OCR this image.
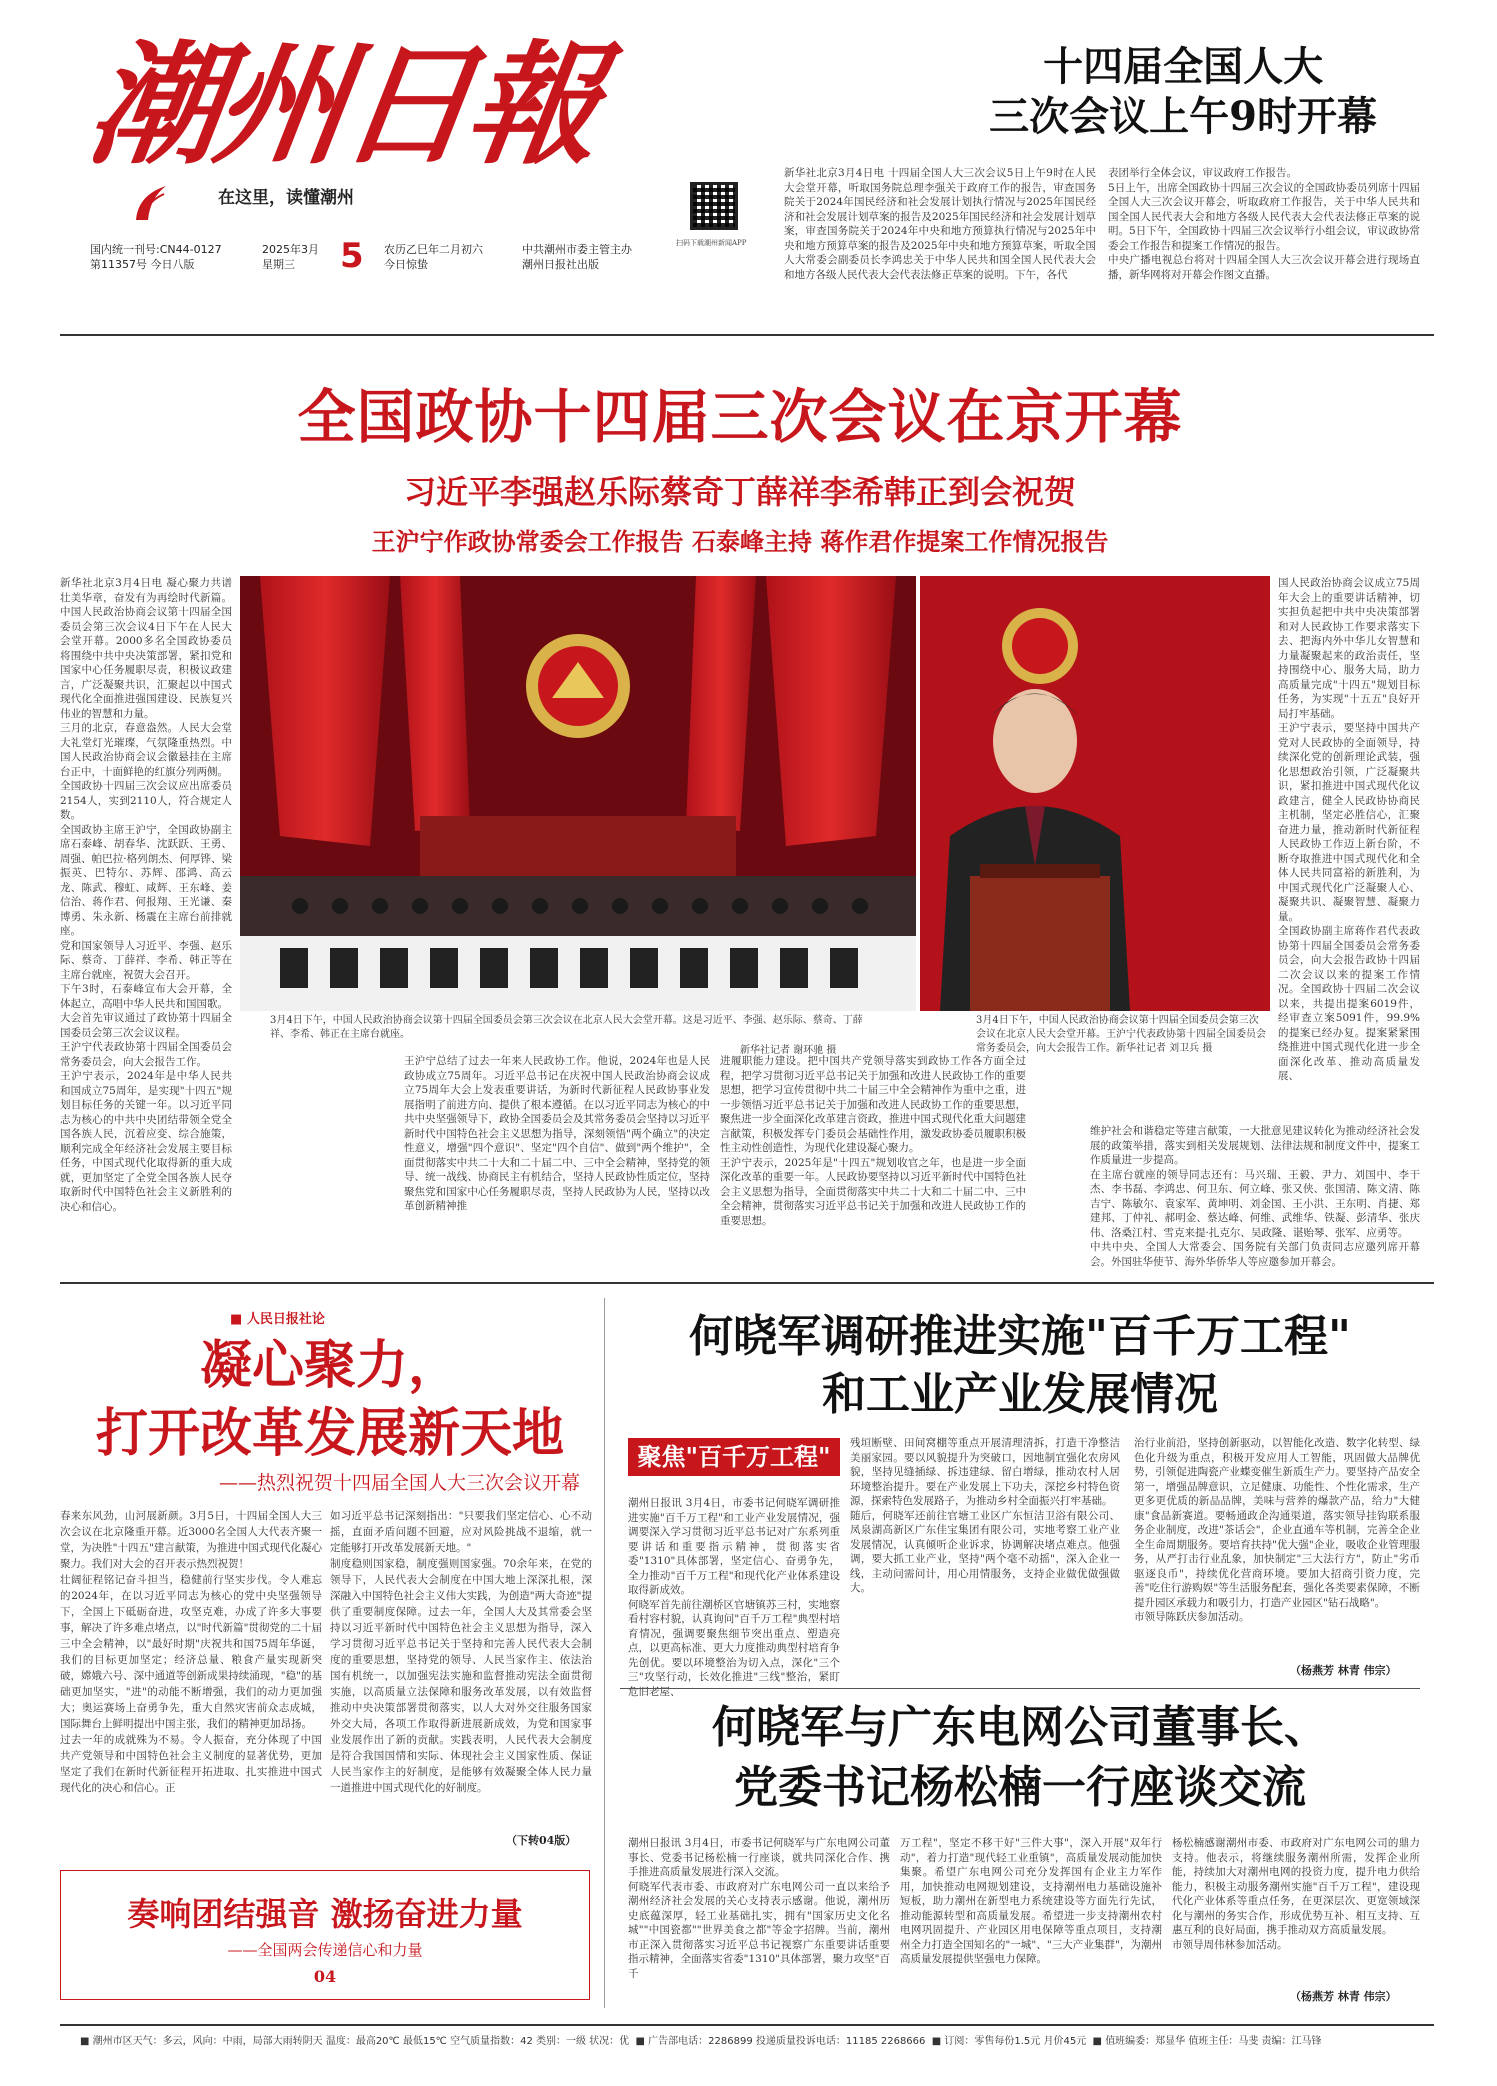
潮州日報
在这里，读懂潮州
扫码下载潮州新闻APP
国内统一刊号:CN44-0127
第11357号 今日八版
2025年3月
星期三	5 农历乙巳年二月初六
今日惊蛰
中共潮州市委主管主办
潮州日报社出版
十四届全国人大
三次会议上午9时开幕
新华社北京3月4日电 十四届全国人大三次会议5日上午9时在人民大会堂开幕，听取国务院总理李强关于政府工作的报告，审查国务院关于2024年国民经济和社会发展计划执行情况与2025年国民经济和社会发展计划草案的报告及2025年国民经济和社会发展计划草案，审查国务院关于2024年中央和地方预算执行情况与2025年中央和地方预算草案的报告及2025年中央和地方预算草案，听取全国人大常委会副委员长李鸿忠关于中华人民共和国全国人民代表大会和地方各级人民代表大会代表法修正草案的说明。下午，各代
表团举行全体会议，审议政府工作报告。
5日上午，出席全国政协十四届三次会议的全国政协委员列席十四届全国人大三次会议开幕会，听取政府工作报告，关于中华人民共和国全国人民代表大会和地方各级人民代表大会代表法修正草案的说明。5日下午，全国政协十四届三次会议举行小组会议，审议政协常委会工作报告和提案工作情况的报告。
中央广播电视总台将对十四届全国人大三次会议开幕会进行现场直播，新华网将对开幕会作图文直播。
全国政协十四届三次会议在京开幕
习近平李强赵乐际蔡奇丁薛祥李希韩正到会祝贺
王沪宁作政协常委会工作报告 石泰峰主持 蒋作君作提案工作情况报告
新华社北京3月4日电 凝心聚力共谱壮美华章，奋发有为再绘时代新篇。中国人民政治协商会议第十四届全国委员会第三次会议4日下午在人民大会堂开幕。2000多名全国政协委员将围绕中共中央决策部署，紧扣党和国家中心任务履职尽责，积极议政建言，广泛凝聚共识，汇聚起以中国式现代化全面推进强国建设、民族复兴伟业的智慧和力量。
三月的北京，春意盎然。人民大会堂大礼堂灯光璀璨，气氛隆重热烈。中国人民政治协商会议会徽悬挂在主席台正中，十面鲜艳的红旗分列两侧。
全国政协十四届三次会议应出席委员2154人，实到2110人，符合规定人数。
全国政协主席王沪宁，全国政协副主席石泰峰、胡春华、沈跃跃、王勇、周强、帕巴拉·格列朗杰、何厚铧、梁振英、巴特尔、苏辉、邵鸿、高云龙、陈武、穆虹、咸辉、王东峰、姜信治、蒋作君、何报翔、王光谦、秦博勇、朱永新、杨震在主席台前排就座。
党和国家领导人习近平、李强、赵乐际、蔡奇、丁薛祥、李希、韩正等在主席台就座，祝贺大会召开。
下午3时，石泰峰宣布大会开幕，全体起立，高唱中华人民共和国国歌。
大会首先审议通过了政协第十四届全国委员会第三次会议议程。
王沪宁代表政协第十四届全国委员会常务委员会，向大会报告工作。
王沪宁表示，2024年是中华人民共和国成立75周年，是实现"十四五"规划目标任务的关键一年。以习近平同志为核心的中共中央团结带领全党全国各族人民，沉着应变、综合施策，顺利完成全年经济社会发展主要目标任务，中国式现代化取得新的重大成就，更加坚定了全党全国各族人民夺取新时代中国特色社会主义新胜利的决心和信心。
3月4日下午，中国人民政治协商会议第十四届全国委员会第三次会议在北京人民大会堂开幕。这是习近平、李强、赵乐际、蔡奇、丁薛祥、李希、韩正在主席台就座。
新华社记者 谢环驰 摄
3月4日下午，中国人民政治协商会议第十四届全国委员会第三次会议在北京人民大会堂开幕。王沪宁代表政协第十四届全国委员会常务委员会，向大会报告工作。新华社记者 刘卫兵 摄
国人民政治协商会议成立75周年大会上的重要讲话精神，切实担负起把中共中央决策部署和对人民政协工作要求落实下去、把海内外中华儿女智慧和力量凝聚起来的政治责任，坚持围绕中心、服务大局，助力高质量完成"十四五"规划目标任务，为实现"十五五"良好开局打牢基础。
王沪宁表示，要坚持中国共产党对人民政协的全面领导，持续深化党的创新理论武装，强化思想政治引领，广泛凝聚共识，紧扣推进中国式现代化议政建言，健全人民政协协商民主机制，坚定必胜信心，汇聚奋进力量，推动新时代新征程人民政协工作迈上新台阶，不断夺取推进中国式现代化和全体人民共同富裕的新胜利，为中国式现代化广泛凝聚人心、凝聚共识、凝聚智慧、凝聚力量。
全国政协副主席蒋作君代表政协第十四届全国委员会常务委员会，向大会报告政协十四届二次会议以来的提案工作情况。全国政协十四届二次会议以来，共提出提案6019件，经审查立案5091件，99.9%的提案已经办复。提案紧紧围绕推进中国式现代化进一步全面深化改革、推动高质量发展、
王沪宁总结了过去一年来人民政协工作。他说，2024年也是人民政协成立75周年。习近平总书记在庆祝中国人民政治协商会议成立75周年大会上发表重要讲话，为新时代新征程人民政协事业发展指明了前进方向、提供了根本遵循。在以习近平同志为核心的中共中央坚强领导下，政协全国委员会及其常务委员会坚持以习近平新时代中国特色社会主义思想为指导，深刻领悟"两个确立"的决定性意义，增强"四个意识"、坚定"四个自信"、做到"两个维护"，全面贯彻落实中共二十大和二十届二中、三中全会精神，坚持党的领导、统一战线、协商民主有机结合，坚持人民政协性质定位，坚持聚焦党和国家中心任务履职尽责，坚持人民政协为人民，坚持以改革创新精神推
进履职能力建设。把中国共产党领导落实到政协工作各方面全过程，把学习贯彻习近平总书记关于加强和改进人民政协工作的重要思想，把学习宣传贯彻中共二十届三中全会精神作为重中之重，进一步领悟习近平总书记关于加强和改进人民政协工作的重要思想，聚焦进一步全面深化改革建言资政，推进中国式现代化重大问题建言献策，积极发挥专门委员会基础性作用，激发政协委员履职积极性主动性创造性，为现代化建设凝心聚力。
王沪宁表示，2025年是"十四五"规划收官之年，也是进一步全面深化改革的重要一年。人民政协要坚持以习近平新时代中国特色社会主义思想为指导，全面贯彻落实中共二十大和二十届二中、三中全会精神，贯彻落实习近平总书记关于加强和改进人民政协工作的重要思想。
维护社会和谐稳定等建言献策，一大批意见建议转化为推动经济社会发展的政策举措，落实到相关发展规划、法律法规和制度文件中，提案工作质量进一步提高。
在主席台就座的领导同志还有：马兴瑞、王毅、尹力、刘国中、李干杰、李书磊、李鸿忠、何卫东、何立峰、张又侠、张国清、陈文清、陈吉宁、陈敏尔、袁家军、黄坤明、刘金国、王小洪、王东明、肖捷、郑建邦、丁仲礼、郝明金、蔡达峰、何维、武维华、铁凝、彭清华、张庆伟、洛桑江村、雪克来提·扎克尔、吴政隆、谌贻琴、张军、应勇等。
中共中央、全国人大常委会、国务院有关部门负责同志应邀列席开幕会。外国驻华使节、海外华侨华人等应邀参加开幕会。
■ 人民日报社论
凝心聚力，
打开改革发展新天地
——热烈祝贺十四届全国人大三次会议开幕
春来东风劲，山河展新颜。3月5日，十四届全国人大三次会议在北京隆重开幕。近3000名全国人大代表齐聚一堂，为决胜"十四五"建言献策，为推进中国式现代化凝心聚力。我们对大会的召开表示热烈祝贺！
壮阔征程铭记奋斗担当，稳健前行坚实步伐。令人难忘的2024年，在以习近平同志为核心的党中央坚强领导下，全国上下砥砺奋进，攻坚克难，办成了许多大事要事，解决了许多难点堵点，以"时代新篇"贯彻党的二十届三中全会精神，以"最好时期"庆祝共和国75周年华诞，我们的目标更加坚定；经济总量、粮食产量实现新突破，嫦娥六号、深中通道等创新成果持续涌现，"稳"的基础更加坚实，"进"的动能不断增强，我们的动力更加强大；奥运赛场上奋勇争先，重大自然灾害前众志成城，国际舞台上鲜明提出中国主张，我们的精神更加昂扬。
过去一年的成就殊为不易。令人振奋，充分体现了中国共产党领导和中国特色社会主义制度的显著优势，更加坚定了我们在新时代新征程开拓进取、扎实推进中国式现代化的决心和信心。正
如习近平总书记深刻指出："只要我们坚定信心、心不动摇，直面矛盾问题不回避，应对风险挑战不退缩，就一定能够打开改革发展新天地。"
制度稳则国家稳，制度强则国家强。70余年来，在党的领导下，人民代表大会制度在中国大地上深深扎根，深深融入中国特色社会主义伟大实践，为创造"两大奇迹"提供了重要制度保障。过去一年，全国人大及其常委会坚持以习近平新时代中国特色社会主义思想为指导，深入学习贯彻习近平总书记关于坚持和完善人民代表大会制度的重要思想，坚持党的领导、人民当家作主、依法治国有机统一，以加强宪法实施和监督推动宪法全面贯彻实施，以高质量立法保障和服务改革发展，以有效监督推动中央决策部署贯彻落实，以人大对外交往服务国家外交大局，各项工作取得新进展新成效，为党和国家事业发展作出了新的贡献。实践表明，人民代表大会制度是符合我国国情和实际、体现社会主义国家性质、保证人民当家作主的好制度，是能够有效凝聚全体人民力量一道推进中国式现代化的好制度。
（下转04版）
奏响团结强音 激扬奋进力量
——全国两会传递信心和力量
04
何晓军调研推进实施"百千万工程"
和工业产业发展情况
聚焦"百千万工程"
潮州日报讯 3月4日，市委书记何晓军调研推进实施"百千万工程"和工业产业发展情况，强调要深入学习贯彻习近平总书记对广东系列重要讲话和重要指示精神，贯彻落实省委"1310"具体部署，坚定信心、奋勇争先，全力推动"百千万工程"和现代化产业体系建设取得新成效。
何晓军首先前往潮桥区官塘镇苏三村，实地察看村容村貌，认真询问"百千万工程"典型村培育情况，强调要聚焦细节突出重点、塑造亮点，以更高标准、更大力度推动典型村培育争先创优。要以环境整治为切入点，深化"三个三"攻坚行动，长效化推进"三线"整治，紧盯危旧老屋、
残垣断壁、田间窝棚等重点开展清理清拆，打造干净整洁美丽家园。要以风貌提升为突破口，因地制宜强化农房风貌，坚持见缝插绿、拆违建绿、留白增绿，推动农村人居环境整治提升。要在产业发展上下功夫，深挖乡村特色资源，探索特色发展路子，为推动乡村全面振兴打牢基础。
随后，何晓军还前往官塘工业区广东恒洁卫浴有限公司、凤泉湖高新区广东佳宝集团有限公司，实地考察工业产业发展情况，认真倾听企业诉求，协调解决堵点难点。他强调，要大抓工业产业，坚持"两个毫不动摇"，深入企业一线，主动问需问计，用心用情服务，支持企业做优做强做大。
治行业前沿，坚持创新驱动，以智能化改造、数字化转型、绿色化升级为重点，积极开发应用人工智能，巩固做大品牌优势，引领促进陶瓷产业蝶变催生新质生产力。要坚持产品安全第一，增强品牌意识，立足健康、功能性、个性化需求，生产更多更优质的新品品牌，美味与营养的爆款产品，给力"大健康"食品新赛道。要畅通政企沟通渠道，落实领导挂钩联系服务企业制度，改进"茶话会"，企业直通车等机制，完善全企业全生命周期服务。要培育扶持"优大强"企业，吸收企业管理服务，从严打击行业乱象，加快制定"三大法行方"，防止"劣币驱逐良币"，持续优化营商环境。要加大招商引资力度，完善"吃住行游购娱"等生活服务配套，强化各类要素保障，不断提升园区承载力和吸引力，打造产业园区"钻石战略"。
市领导陈跃庆参加活动。
（杨燕芳 林青 伟宗）
何晓军与广东电网公司董事长、
党委书记杨松楠一行座谈交流
潮州日报讯 3月4日，市委书记何晓军与广东电网公司董事长、党委书记杨松楠一行座谈，就共同深化合作、携手推进高质量发展进行深入交流。
何晓军代表市委、市政府对广东电网公司一直以来给予潮州经济社会发展的关心支持表示感谢。他说，潮州历史底蕴深厚，轻工业基础扎实，拥有"国家历史文化名城""中国瓷都""世界美食之都"等金字招牌。当前，潮州市正深入贯彻落实习近平总书记视察广东重要讲话重要指示精神，全面落实省委"1310"具体部署，聚力攻坚"百千
万工程"，坚定不移干好"三件大事"，深入开展"双年行动"，着力打造"现代轻工业重镇"，高质量发展动能加快集聚。希望广东电网公司充分发挥国有企业主力军作用，加快推动电网规划建设，支持潮州电力基础设施补短板，助力潮州在新型电力系统建设等方面先行先试，推动能源转型和高质量发展。希望进一步支持潮州农村电网巩固提升、产业园区用电保障等重点项目，支持潮州全力打造全国知名的"一城"、"三大产业集群"，为潮州高质量发展提供坚强电力保障。
杨松楠感谢潮州市委、市政府对广东电网公司的鼎力支持。他表示，将继续服务潮州所需，发挥企业所能，持续加大对潮州电网的投资力度，提升电力供给能力，积极主动服务潮州实施"百千万工程"，建设现代化产业体系等重点任务，在更深层次、更宽领域深化与潮州的务实合作，形成优势互补、相互支持、互惠互利的良好局面，携手推动双方高质量发展。
市领导周伟林参加活动。
（杨燕芳 林青 伟宗）
■ 潮州市区天气：多云，风向：中雨，局部大雨转阴天 温度：最高20℃ 最低15℃ 空气质量指数：42 类别：一级 状况：优  ■ 广告部电话：2286899 投递质量投诉电话：11185 2268666  ■ 订阅：零售每份1.5元 月价45元  ■ 值班编委：郑显华 值班主任：马斐 责编：江马锋
